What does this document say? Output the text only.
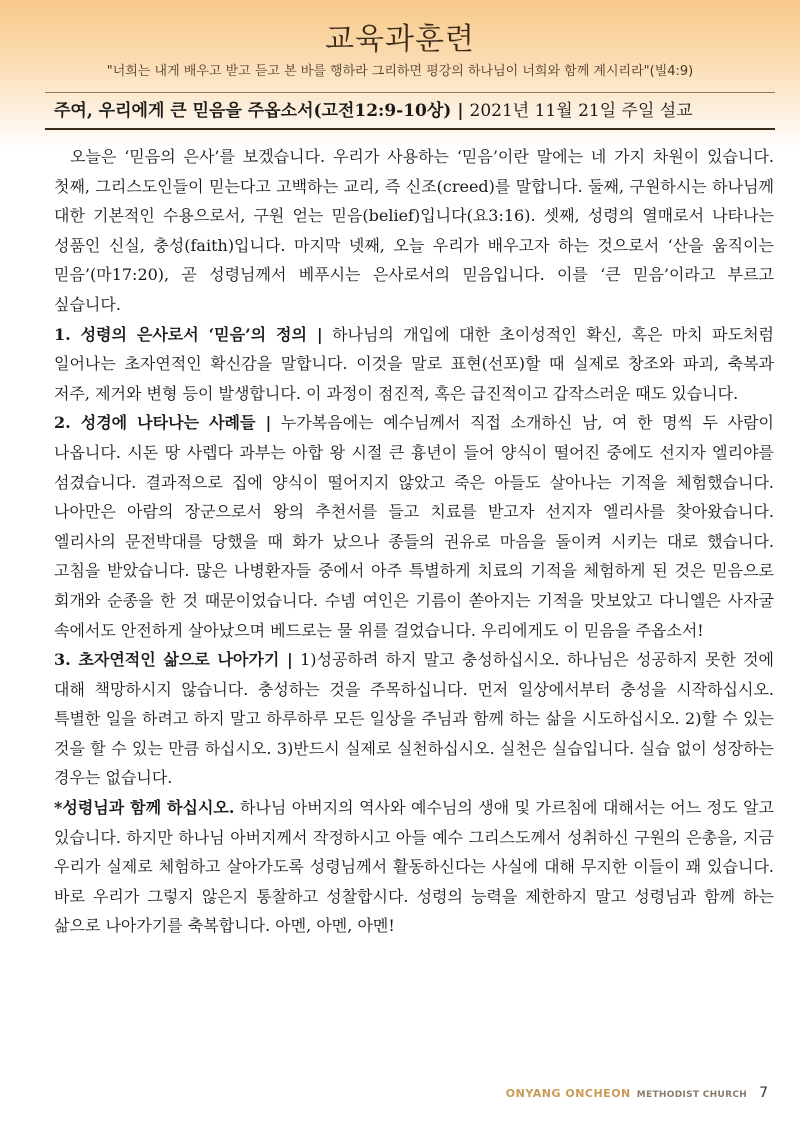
교육과훈련
"너희는 내게 배우고 받고 듣고 본 바를 행하라 그리하면 평강의 하나님이 너희와 함께 계시리라"(빌4:9)
주여, 우리에게 큰 믿음을 주옵소서(고전12:9-10상) | 2021년 11월 21일 주일 설교

오늘은 ‘믿음의 은사’를 보겠습니다. 우리가 사용하는 ‘믿음’이란 말에는 네 가지 차원이 있습니다. 첫째, 그리스도인들이 믿는다고 고백하는 교리, 즉 신조(creed)를 말합니다. 둘째, 구원하시는 하나님께 대한 기본적인 수용으로서, 구원 얻는 믿음(belief)입니다(요3:16). 셋째, 성령의 열매로서 나타나는 성품인 신실, 충성(faith)입니다. 마지막 넷째, 오늘 우리가 배우고자 하는 것으로서 ‘산을 움직이는 믿음’(마17:20), 곧 성령님께서 베푸시는 은사로서의 믿음입니다. 이를 ‘큰 믿음’이라고 부르고 싶습니다.

1. 성령의 은사로서 ‘믿음’의 정의 | 하나님의 개입에 대한 초이성적인 확신, 혹은 마치 파도처럼 일어나는 초자연적인 확신감을 말합니다. 이것을 말로 표현(선포)할 때 실제로 창조와 파괴, 축복과 저주, 제거와 변형 등이 발생합니다. 이 과정이 점진적, 혹은 급진적이고 갑작스러운 때도 있습니다.

2. 성경에 나타나는 사례들 | 누가복음에는 예수님께서 직접 소개하신 남, 여 한 명씩 두 사람이 나옵니다. 시돈 땅 사렙다 과부는 아합 왕 시절 큰 흉년이 들어 양식이 떨어진 중에도 선지자 엘리야를 섬겼습니다. 결과적으로 집에 양식이 떨어지지 않았고 죽은 아들도 살아나는 기적을 체험했습니다. 나아만은 아람의 장군으로서 왕의 추천서를 들고 치료를 받고자 선지자 엘리사를 찾아왔습니다. 엘리사의 문전박대를 당했을 때 화가 났으나 종들의 권유로 마음을 돌이켜 시키는 대로 했습니다. 고침을 받았습니다. 많은 나병환자들 중에서 아주 특별하게 치료의 기적을 체험하게 된 것은 믿음으로 회개와 순종을 한 것 때문이었습니다. 수넴 여인은 기름이 쏟아지는 기적을 맛보았고 다니엘은 사자굴 속에서도 안전하게 살아났으며 베드로는 물 위를 걸었습니다. 우리에게도 이 믿음을 주옵소서!

3. 초자연적인 삶으로 나아가기 | 1)성공하려 하지 말고 충성하십시오. 하나님은 성공하지 못한 것에 대해 책망하시지 않습니다. 충성하는 것을 주목하십니다. 먼저 일상에서부터 충성을 시작하십시오. 특별한 일을 하려고 하지 말고 하루하루 모든 일상을 주님과 함께 하는 삶을 시도하십시오. 2)할 수 있는 것을 할 수 있는 만큼 하십시오. 3)반드시 실제로 실천하십시오. 실천은 실습입니다. 실습 없이 성장하는 경우는 없습니다.

*성령님과 함께 하십시오. 하나님 아버지의 역사와 예수님의 생애 및 가르침에 대해서는 어느 정도 알고 있습니다. 하지만 하나님 아버지께서 작정하시고 아들 예수 그리스도께서 성취하신 구원의 은총을, 지금 우리가 실제로 체험하고 살아가도록 성령님께서 활동하신다는 사실에 대해 무지한 이들이 꽤 있습니다. 바로 우리가 그렇지 않은지 통찰하고 성찰합시다. 성령의 능력을 제한하지 말고 성령님과 함께 하는 삶으로 나아가기를 축복합니다. 아멘, 아멘, 아멘!

ONYANG ONCHEON METHODIST CHURCH 7
